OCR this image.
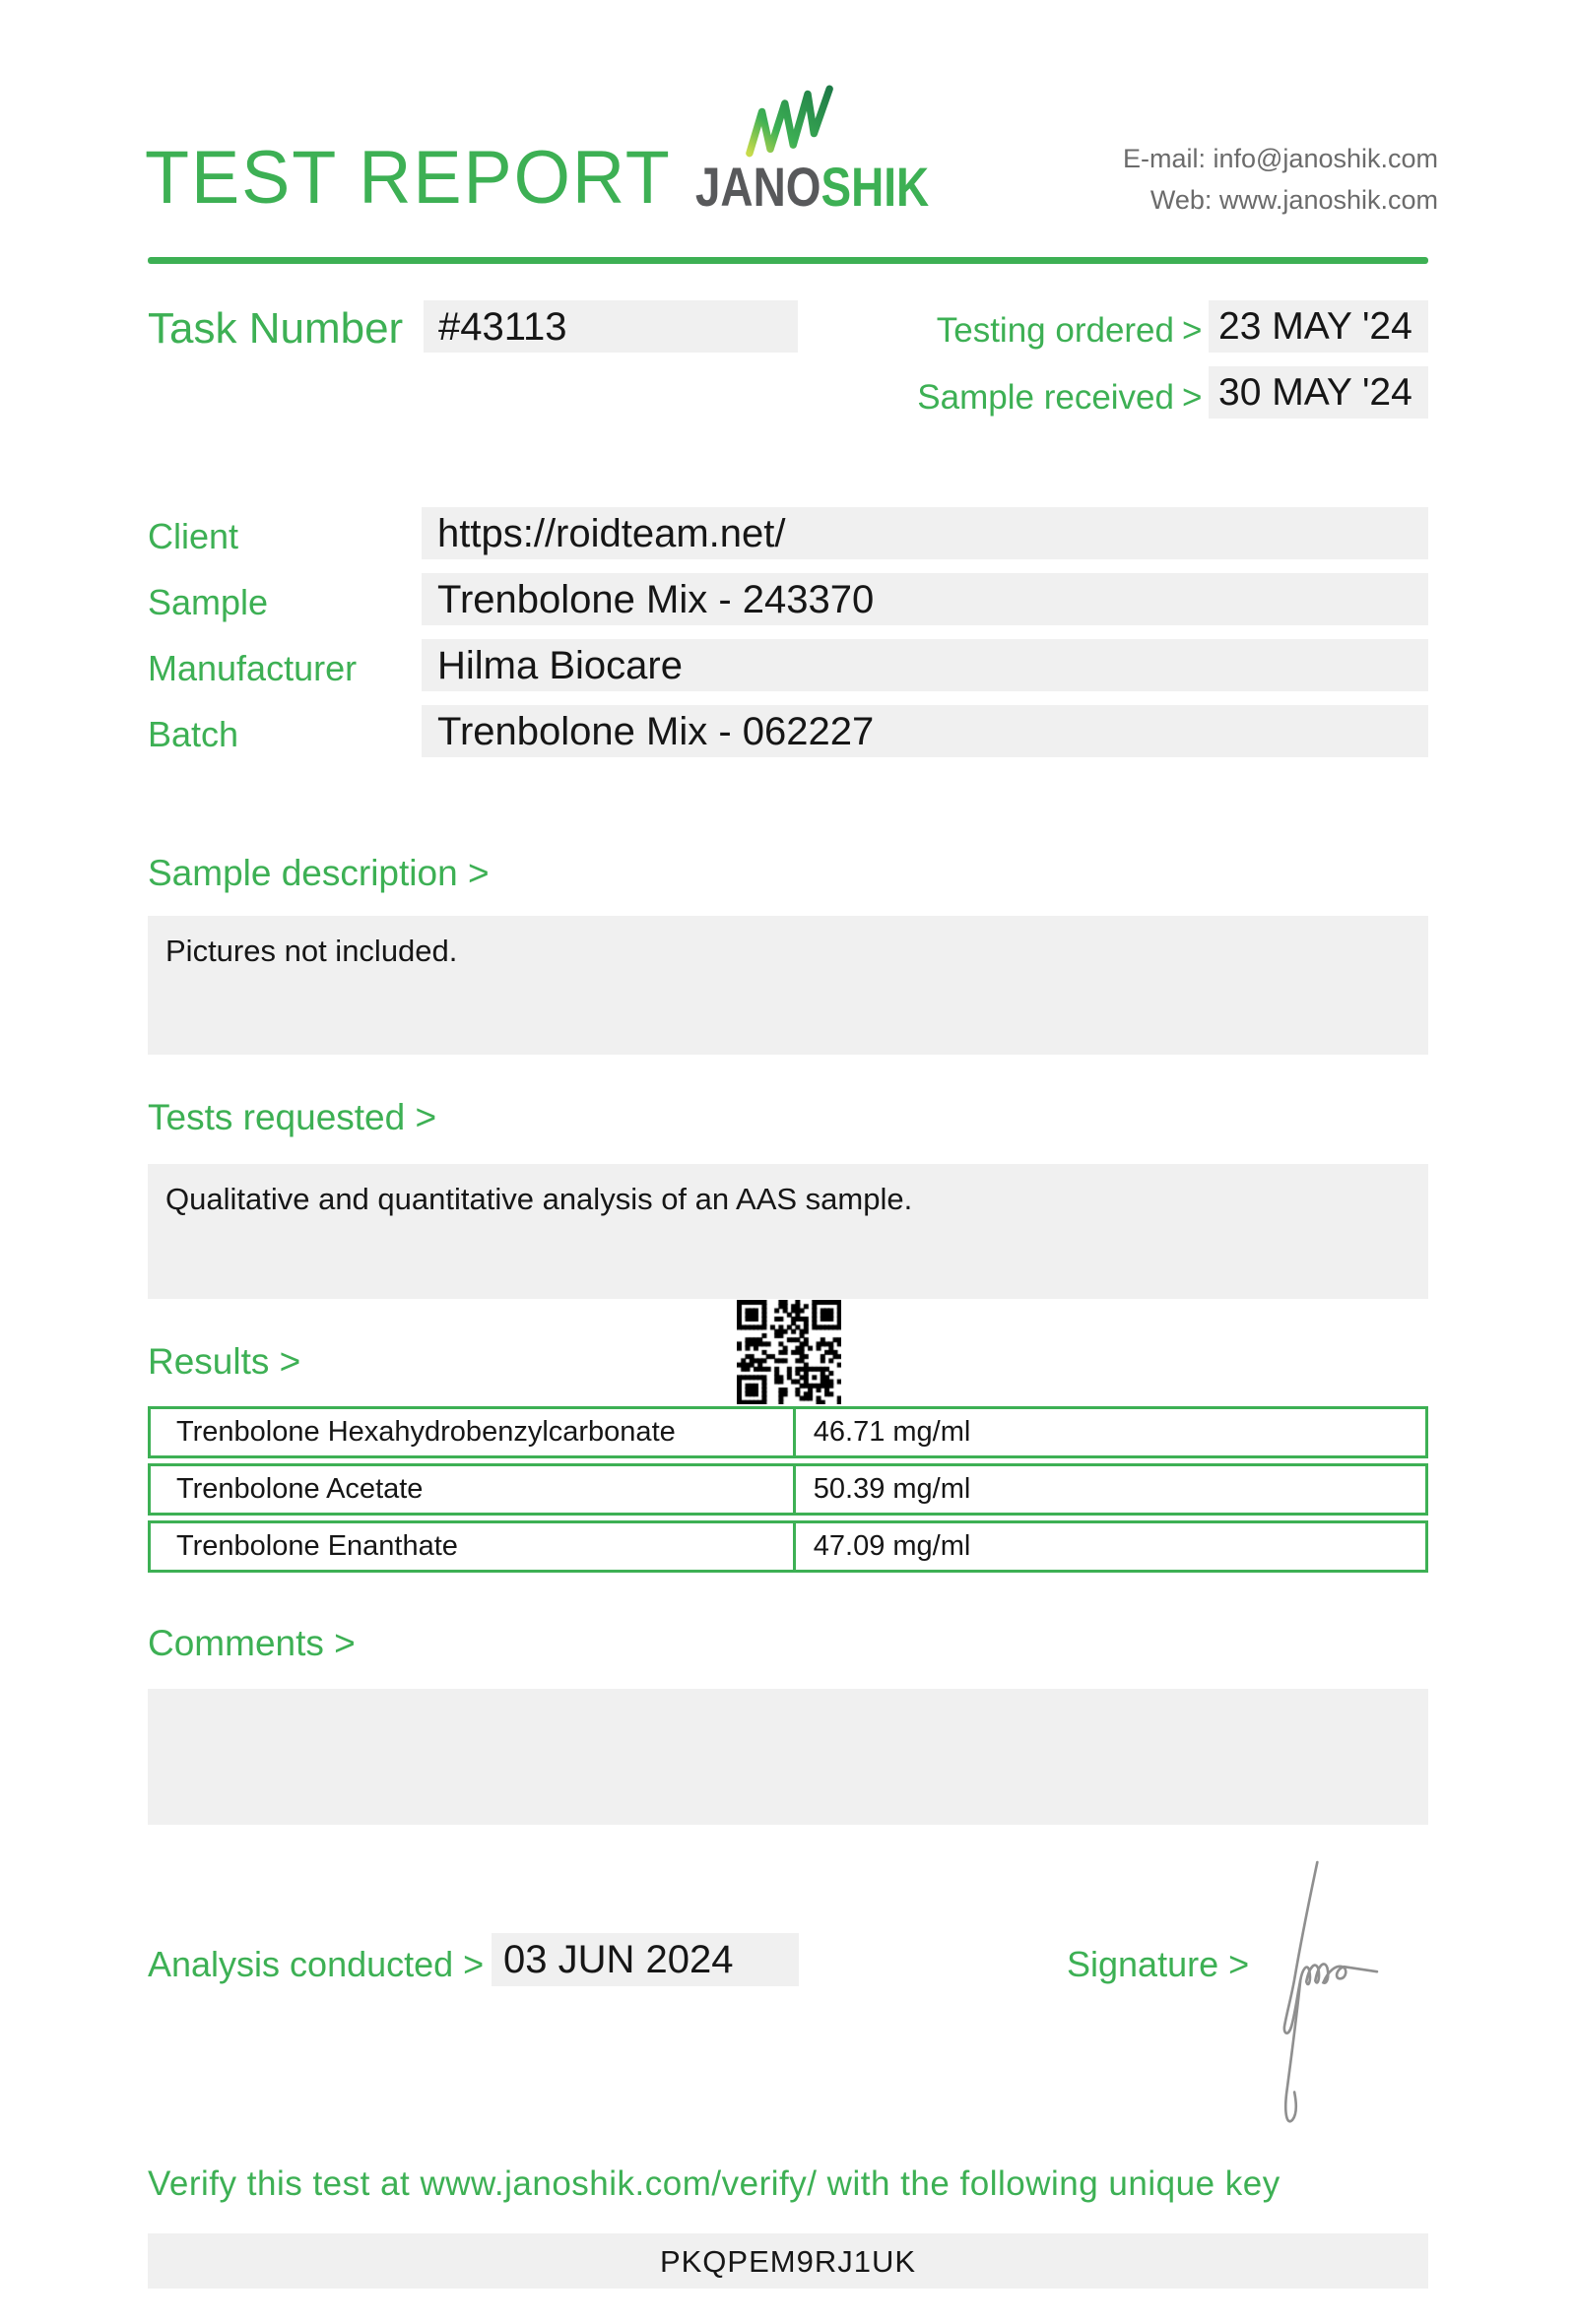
TEST REPORT JANOSHIK	E-mail: info@janoshik.com
Web: www.janoshik.com
Task Number #43113	Testing ordered > 23 MAY '24
Sample received > 30 MAY '24
Client	https://roidteam.net/
Sample	Trenbolone Mix - 243370
Manufacturer	Hilma Biocare
Batch	Trenbolone Mix - 062227
Sample description >
Pictures not included.
Tests requested >
Qualitative and quantitative analysis of an AAS sample.
Results >
Trenbolone Hexahydrobenzylcarbonate	46.71 mg/ml
Trenbolone Acetate	50.39 mg/ml
Trenbolone Enanthate	47.09 mg/ml
Comments >
Analysis conducted > 03 JUN 2024	Signature >
Verify this test at www.janoshik.com/verify/ with the following unique key
PKQPEM9RJ1UK
